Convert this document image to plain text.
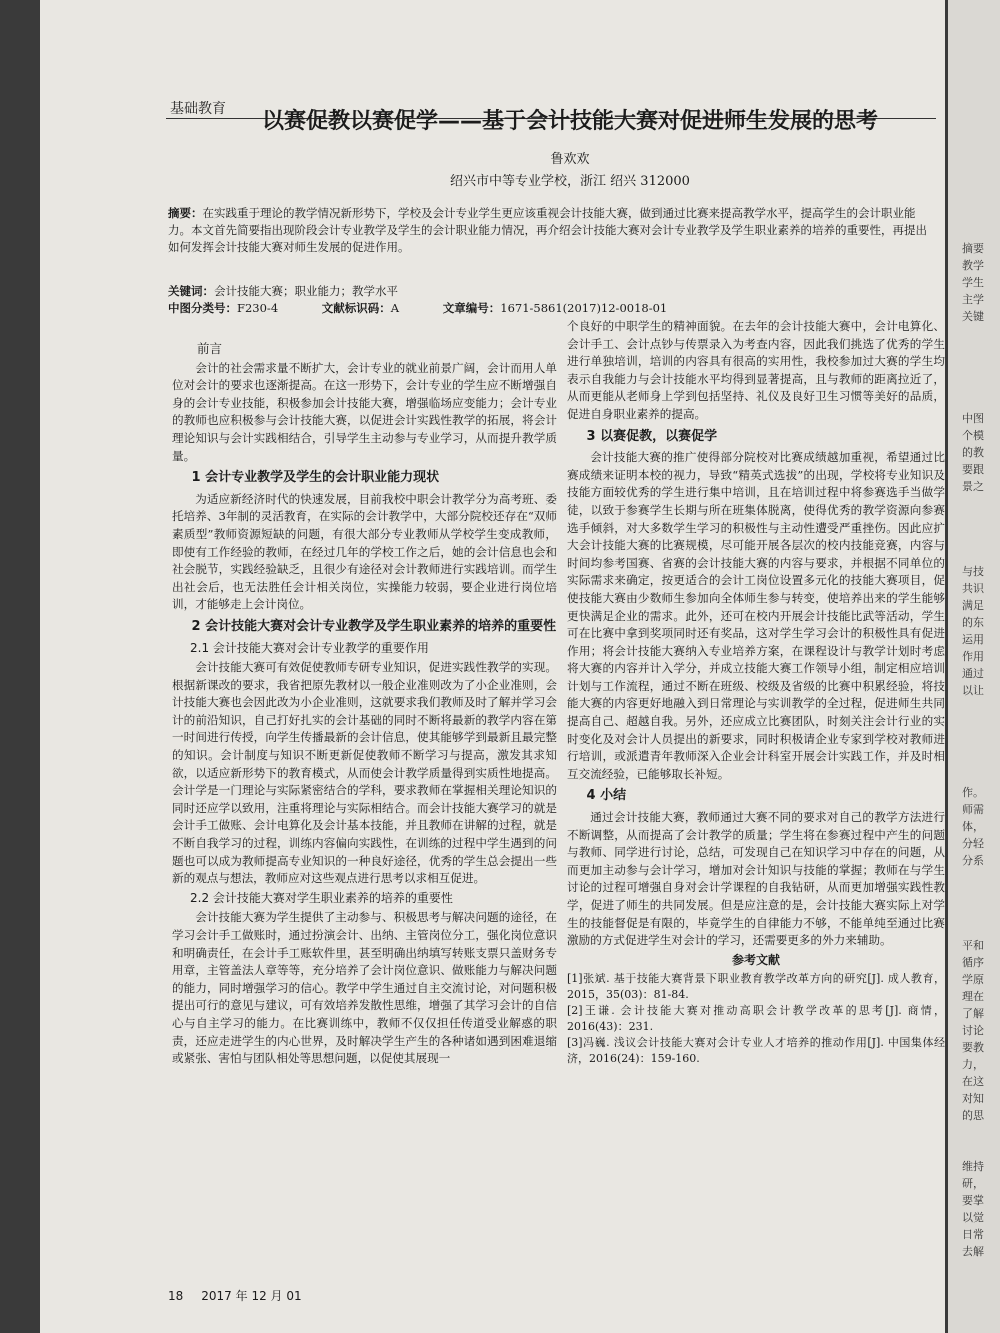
基础教育	以赛促教以赛促学——基于会计技能大赛对促进师生发展的思考
鲁欢欢
绍兴市中等专业学校，浙江 绍兴 312000
摘要：在实践重于理论的教学情况新形势下，学校及会计专业学生更应该重视会计技能大赛，做到通过比赛来提高教学水平，提高学生的会计职业能力。本文首先简要指出现阶段会计专业教学及学生的会计职业能力情况，再介绍会计技能大赛对会计专业教学及学生职业素养的培养的重要性，再提出如何发挥会计技能大赛对师生发展的促进作用。
关键词：会计技能大赛；职业能力；教学水平
中图分类号：F230-4	文献标识码：A	文章编号：1671-5861(2017)12-0018-01
前言

会计的社会需求量不断扩大，会计专业的就业前景广阔，会计而用人单位对会计的要求也逐渐提高。在这一形势下，会计专业的学生应不断增强自身的会计专业技能，积极参加会计技能大赛，增强临场应变能力；会计专业的教师也应积极参与会计技能大赛，以促进会计实践性教学的拓展，将会计理论知识与会计实践相结合，引导学生主动参与专业学习，从而提升教学质量。

1 会计专业教学及学生的会计职业能力现状

为适应新经济时代的快速发展，目前我校中职会计教学分为高考班、委托培养、3年制的灵活教育，在实际的会计教学中，大部分院校还存在“双师素质型”教师资源短缺的问题，有很大部分专业教师从学校学生变成教师，即使有工作经验的教师，在经过几年的学校工作之后，她的会计信息也会和社会脱节，实践经验缺乏，且很少有途径对会计教师进行实践培训。而学生出社会后，也无法胜任会计相关岗位，实操能力较弱，要企业进行岗位培训，才能够走上会计岗位。

2 会计技能大赛对会计专业教学及学生职业素养的培养的重要性
2.1 会计技能大赛对会计专业教学的重要作用

会计技能大赛可有效促使教师专研专业知识，促进实践性教学的实现。根据新课改的要求，我省把原先教材以一般企业准则改为了小企业准则，会计技能大赛也会因此改为小企业准则，这就要求我们教师及时了解并学习会计的前沿知识，自己打好扎实的会计基础的同时不断将最新的教学内容在第一时间进行传授，向学生传播最新的会计信息，使其能够学到最新且最完整的知识。会计制度与知识不断更新促使教师不断学习与提高，激发其求知欲，以适应新形势下的教育模式，从而使会计教学质量得到实质性地提高。会计学是一门理论与实际紧密结合的学科，要求教师在掌握相关理论知识的同时还应学以致用，注重将理论与实际相结合。而会计技能大赛学习的就是会计手工做账、会计电算化及会计基本技能，并且教师在讲解的过程，就是不断自我学习的过程，训练内容偏向实践性，在训练的过程中学生遇到的问题也可以成为教师提高专业知识的一种良好途径，优秀的学生总会提出一些新的观点与想法，教师应对这些观点进行思考以求相互促进。

2.2 会计技能大赛对学生职业素养的培养的重要性

会计技能大赛为学生提供了主动参与、积极思考与解决问题的途径，在学习会计手工做账时，通过扮演会计、出纳、主管岗位分工，强化岗位意识和明确责任，在会计手工账软件里，甚至明确出纳填写转账支票只盖财务专用章，主管盖法人章等等，充分培养了会计岗位意识、做账能力与解决问题的能力，同时增强学习的信心。教学中学生通过自主交流讨论，对问题积极提出可行的意见与建议，可有效培养发散性思维，增强了其学习会计的自信心与自主学习的能力。在比赛训练中，教师不仅仅担任传道受业解惑的职责，还应走进学生的内心世界，及时解决学生产生的各种诸如遇到困难退缩或紧张、害怕与团队相处等思想问题，以促使其展现一

个良好的中职学生的精神面貌。在去年的会计技能大赛中，会计电算化、会计手工、会计点钞与传票录入为考查内容，因此我们挑选了优秀的学生进行单独培训，培训的内容具有很高的实用性，我校参加过大赛的学生均表示自我能力与会计技能水平均得到显著提高，且与教师的距离拉近了，从而更能从老师身上学到包括坚持、礼仪及良好卫生习惯等美好的品质，促进自身职业素养的提高。

3 以赛促教，以赛促学

会计技能大赛的推广使得部分院校对比赛成绩越加重视，希望通过比赛成绩来证明本校的视力，导致“精英式选拔”的出现，学校将专业知识及技能方面较优秀的学生进行集中培训，且在培训过程中将参赛选手当做学徒，以致于参赛学生长期与所在班集体脱离，使得优秀的教学资源向参赛选手倾斜，对大多数学生学习的积极性与主动性遭受严重挫伤。因此应扩大会计技能大赛的比赛规模，尽可能开展各层次的校内技能竞赛，内容与时间均参考国赛、省赛的会计技能大赛的内容与要求，并根据不同单位的实际需求来确定，按更适合的会计工岗位设置多元化的技能大赛项目，促使技能大赛由少数师生参加向全体师生参与转变，使培养出来的学生能够更快满足企业的需求。此外，还可在校内开展会计技能比武等活动，学生可在比赛中拿到奖项同时还有奖品，这对学生学习会计的积极性具有促进作用；将会计技能大赛纳入专业培养方案，在课程设计与教学计划时考虑将大赛的内容并计入学分，并成立技能大赛工作领导小组，制定相应培训计划与工作流程，通过不断在班级、校级及省级的比赛中积累经验，将技能大赛的内容更好地融入到日常理论与实训教学的全过程，促进师生共同提高自己、超越自我。另外，还应成立比赛团队，时刻关注会计行业的实时变化及对会计人员提出的新要求，同时积极请企业专家到学校对教师进行培训，或派遣青年教师深入企业会计科室开展会计实践工作，并及时相互交流经验，已能够取长补短。

4 小结

通过会计技能大赛，教师通过大赛不同的要求对自己的教学方法进行不断调整，从而提高了会计教学的质量；学生将在参赛过程中产生的问题与教师、同学进行讨论，总结，可发现自己在知识学习中存在的问题，从而更加主动参与会计学习，增加对会计知识与技能的掌握；教师在与学生讨论的过程可增强自身对会计学课程的自我钻研，从而更加增强实践性教学，促进了师生的共同发展。但是应注意的是，会计技能大赛实际上对学生的技能督促是有限的，毕竟学生的自律能力不够，不能单纯至通过比赛激励的方式促进学生对会计的学习，还需要更多的外力来辅助。

参考文献

[1]张斌. 基于技能大赛背景下职业教育教学改革方向的研究[J]. 成人教育，2015，35(03)：81-84.

[2]王谦. 会计技能大赛对推动高职会计教学改革的思考[J]. 商情，2016(43)：231.

[3]冯巍. 浅议会计技能大赛对会计专业人才培养的推动作用[J]. 中国集体经济，2016(24)：159-160.

18 2017 年 12 月 01
摘要
教学
学生
主学
关键
中图
个模
的教
要跟
景之
与技
共识
满足
的东
运用
作用
通过
以让
作。
师需
体，
分轻
分系
平和
循序
学原
理在
了解
讨论
要教
力，
在这
对知
的思
维持
研，
要掌
以觉
日常
去解
